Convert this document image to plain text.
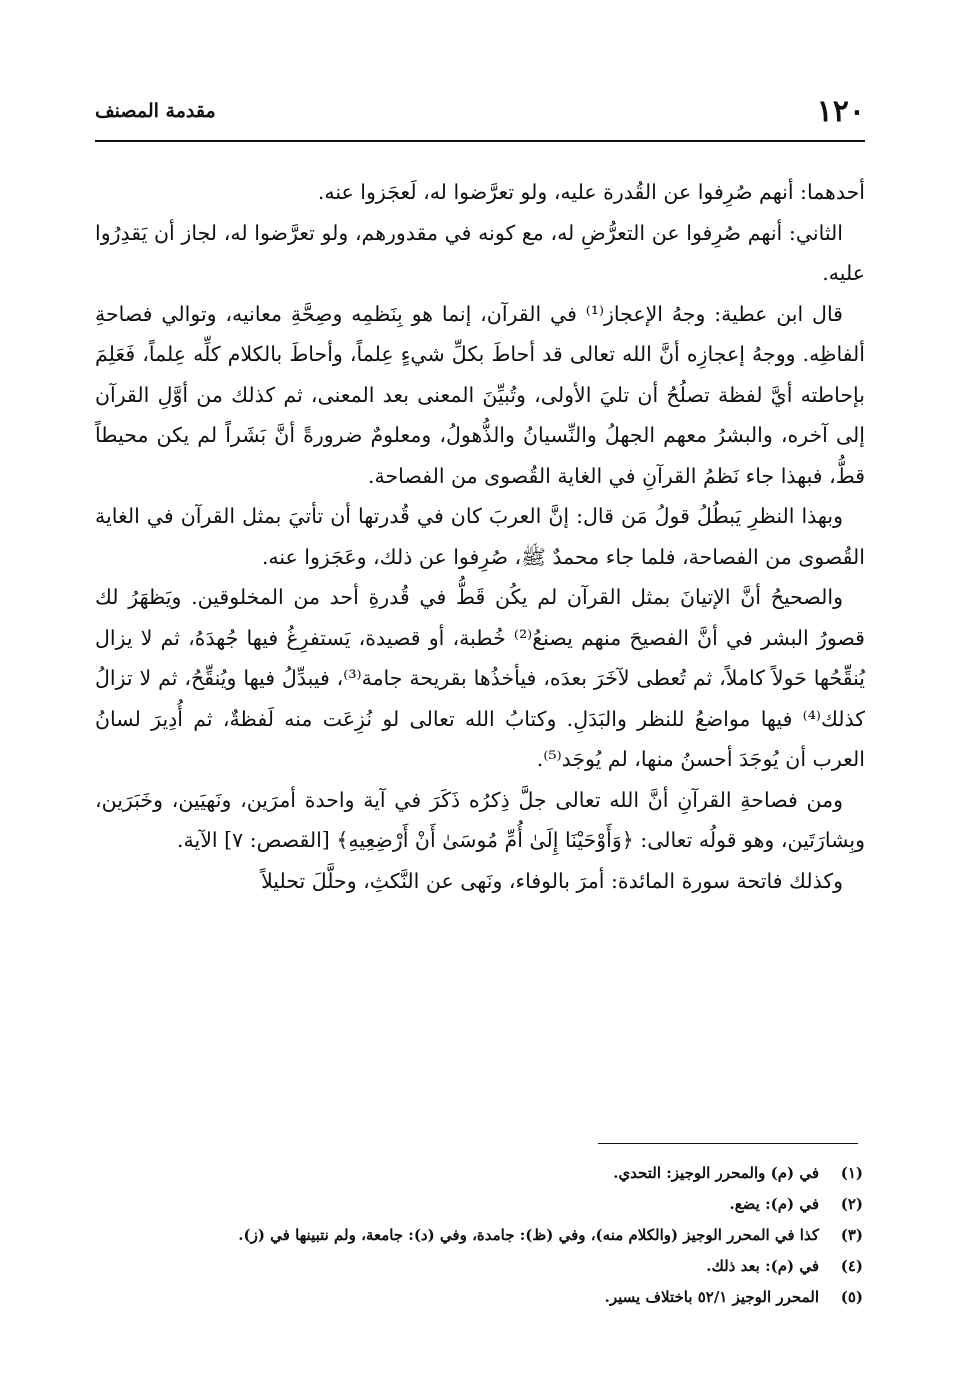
١٢٠
مقدمة المصنف

أحدهما: أنهم صُرِفوا عن القُدرة عليه، ولو تعرَّضوا له، لَعجَزوا عنه.

الثاني: أنهم صُرِفوا عن التعرُّضِ له، مع كونه في مقدورهم، ولو تعرَّضوا له، لجاز أن يَقدِرُوا عليه.

قال ابن عطية: وجهُ الإعجاز⁽¹⁾ في القرآن، إنما هو بِنَظمِه وصِحَّةِ معانيه، وتوالي فصاحةِ ألفاظِه. ووجهُ إعجازِه أنَّ الله تعالى قد أحاطَ بكلِّ شيءٍ عِلماً، وأحاطَ بالكلام كلِّه عِلماً، فَعَلِمَ بإحاطته أيَّ لفظة تصلُحُ أن تليَ الأولى، وتُبيِّنَ المعنى بعد المعنى، ثم كذلك من أوَّلِ القرآن إلى آخره، والبشرُ معهم الجهلُ والنِّسيانُ والذُّهولُ، ومعلومٌ ضرورةً أنَّ بَشَراً لم يكن محيطاً قطُّ، فبهذا جاء نَظمُ القرآنِ في الغاية القُصوى من الفصاحة.

وبهذا النظرِ يَبطُلُ قولُ مَن قال: إنَّ العربَ كان في قُدرتها أن تأتيَ بمثل القرآن في الغاية القُصوى من الفصاحة، فلما جاء محمدٌ ﷺ، صُرِفوا عن ذلك، وعَجَزوا عنه.

والصحيحُ أنَّ الإتيانَ بمثل القرآن لم يكُن قَطُّ في قُدرةِ أحد من المخلوقين. ويَظهَرُ لك قصورُ البشر في أنَّ الفصيحَ منهم يصنعُ⁽²⁾ خُطبة، أو قصيدة، يَستفرِغُ فيها جُهدَهُ، ثم لا يزال يُنقِّحُها حَولاً كاملاً، ثم تُعطى لآخَرَ بعدَه، فيأخذُها بقريحة جامة⁽³⁾، فيبدِّلُ فيها ويُنقِّحُ، ثم لا تزالُ كذلك⁽⁴⁾ فيها مواضعُ للنظر والبَدَلِ. وكتابُ الله تعالى لو نُزِعَت منه لَفظةٌ، ثم أُدِيرَ لسانُ العرب أن يُوجَدَ أحسنُ منها، لم يُوجَد⁽⁵⁾.

ومن فصاحةِ القرآنِ أنَّ الله تعالى جلَّ ذِكرُه ذَكَرَ في آية واحدة أمرَين، ونَهيَين، وخَبَرَين، وبِشارَتَين، وهو قولُه تعالى: ﴿وَأَوْحَيْنَا إِلَىٰ أُمِّ مُوسَىٰ أَنْ أَرْضِعِيهِ﴾ [القصص: ٧] الآية.

وكذلك فاتحة سورة المائدة: أمرَ بالوفاء، ونَهى عن النَّكثِ، وحلَّلَ تحليلاً

(١)
في (م) والمحرر الوجيز: التحدي.
(٢)
في (م): يضع.
(٣)
كذا في المحرر الوجيز (والكلام منه)، وفي (ظ): جامدة، وفي (د): جامعة، ولم نتبينها في (ز).
(٤)
في (م): بعد ذلك.
(٥)
المحرر الوجيز ٥٢/١ باختلاف يسير.
